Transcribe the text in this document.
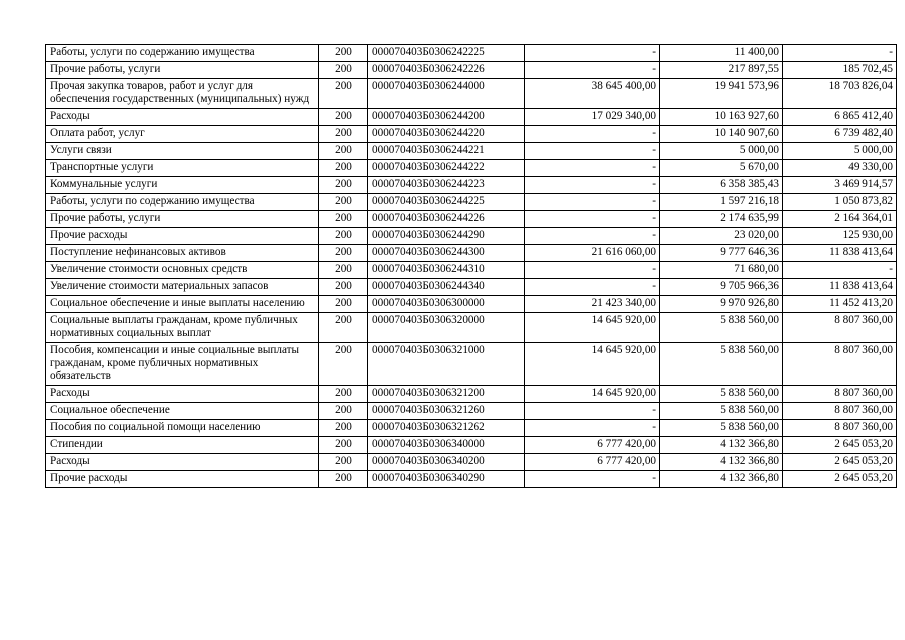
Работы, услуги по содержанию имущества	200	000070403Б0306242225	-	11 400,00	-
Прочие работы, услуги	200	000070403Б0306242226	-	217 897,55	185 702,45
Прочая закупка товаров, работ и услуг для обеспечения государственных (муниципальных) нужд	200	000070403Б0306244000	38 645 400,00	19 941 573,96	18 703 826,04
Расходы	200	000070403Б0306244200	17 029 340,00	10 163 927,60	6 865 412,40
Оплата работ, услуг	200	000070403Б0306244220	-	10 140 907,60	6 739 482,40
Услуги связи	200	000070403Б0306244221	-	5 000,00	5 000,00
Транспортные услуги	200	000070403Б0306244222	-	5 670,00	49 330,00
Коммунальные услуги	200	000070403Б0306244223	-	6 358 385,43	3 469 914,57
Работы, услуги по содержанию имущества	200	000070403Б0306244225	-	1 597 216,18	1 050 873,82
Прочие работы, услуги	200	000070403Б0306244226	-	2 174 635,99	2 164 364,01
Прочие расходы	200	000070403Б0306244290	-	23 020,00	125 930,00
Поступление нефинансовых активов	200	000070403Б0306244300	21 616 060,00	9 777 646,36	11 838 413,64
Увеличение стоимости основных средств	200	000070403Б0306244310	-	71 680,00	-
Увеличение стоимости материальных запасов	200	000070403Б0306244340	-	9 705 966,36	11 838 413,64
Социальное обеспечение и иные выплаты населению	200	000070403Б0306300000	21 423 340,00	9 970 926,80	11 452 413,20
Социальные выплаты гражданам, кроме публичных нормативных социальных выплат	200	000070403Б0306320000	14 645 920,00	5 838 560,00	8 807 360,00
Пособия, компенсации и иные социальные выплаты гражданам, кроме публичных нормативных обязательств	200	000070403Б0306321000	14 645 920,00	5 838 560,00	8 807 360,00
Расходы	200	000070403Б0306321200	14 645 920,00	5 838 560,00	8 807 360,00
Социальное обеспечение	200	000070403Б0306321260	-	5 838 560,00	8 807 360,00
Пособия по социальной помощи населению	200	000070403Б0306321262	-	5 838 560,00	8 807 360,00
Стипендии	200	000070403Б0306340000	6 777 420,00	4 132 366,80	2 645 053,20
Расходы	200	000070403Б0306340200	6 777 420,00	4 132 366,80	2 645 053,20
Прочие расходы	200	000070403Б0306340290	-	4 132 366,80	2 645 053,20
